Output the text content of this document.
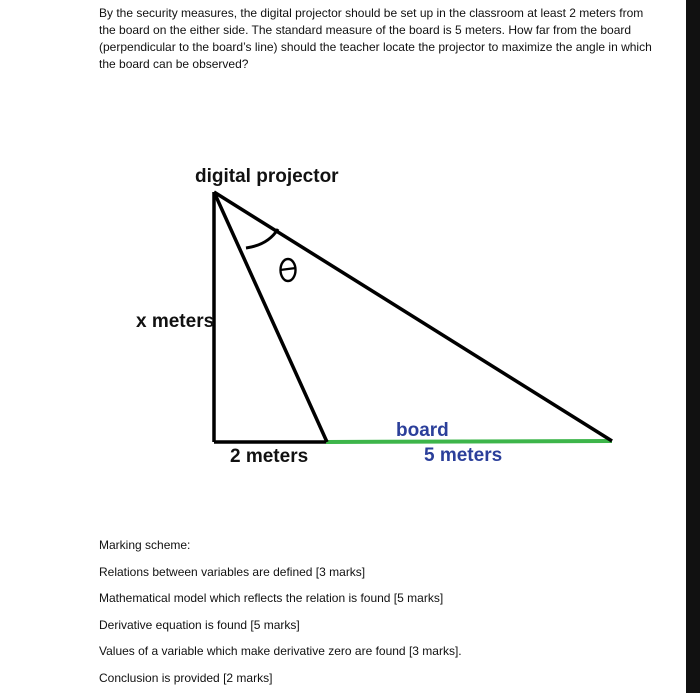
By the security measures, the digital projector should be set up in the classroom at least 2 meters from the board on the either side. The standard measure of the board is 5 meters. How far from the board (perpendicular to the board’s line) should the teacher locate the projector to maximize the angle in which the board can be observed?

digital projector
x meters
2 meters
board
5 meters
Marking scheme:
Relations between variables are defined [3 marks]
Mathematical model which reflects the relation is found [5 marks]
Derivative equation is found [5 marks]
Values of a variable which make derivative zero are found [3 marks].
Conclusion is provided [2 marks]
